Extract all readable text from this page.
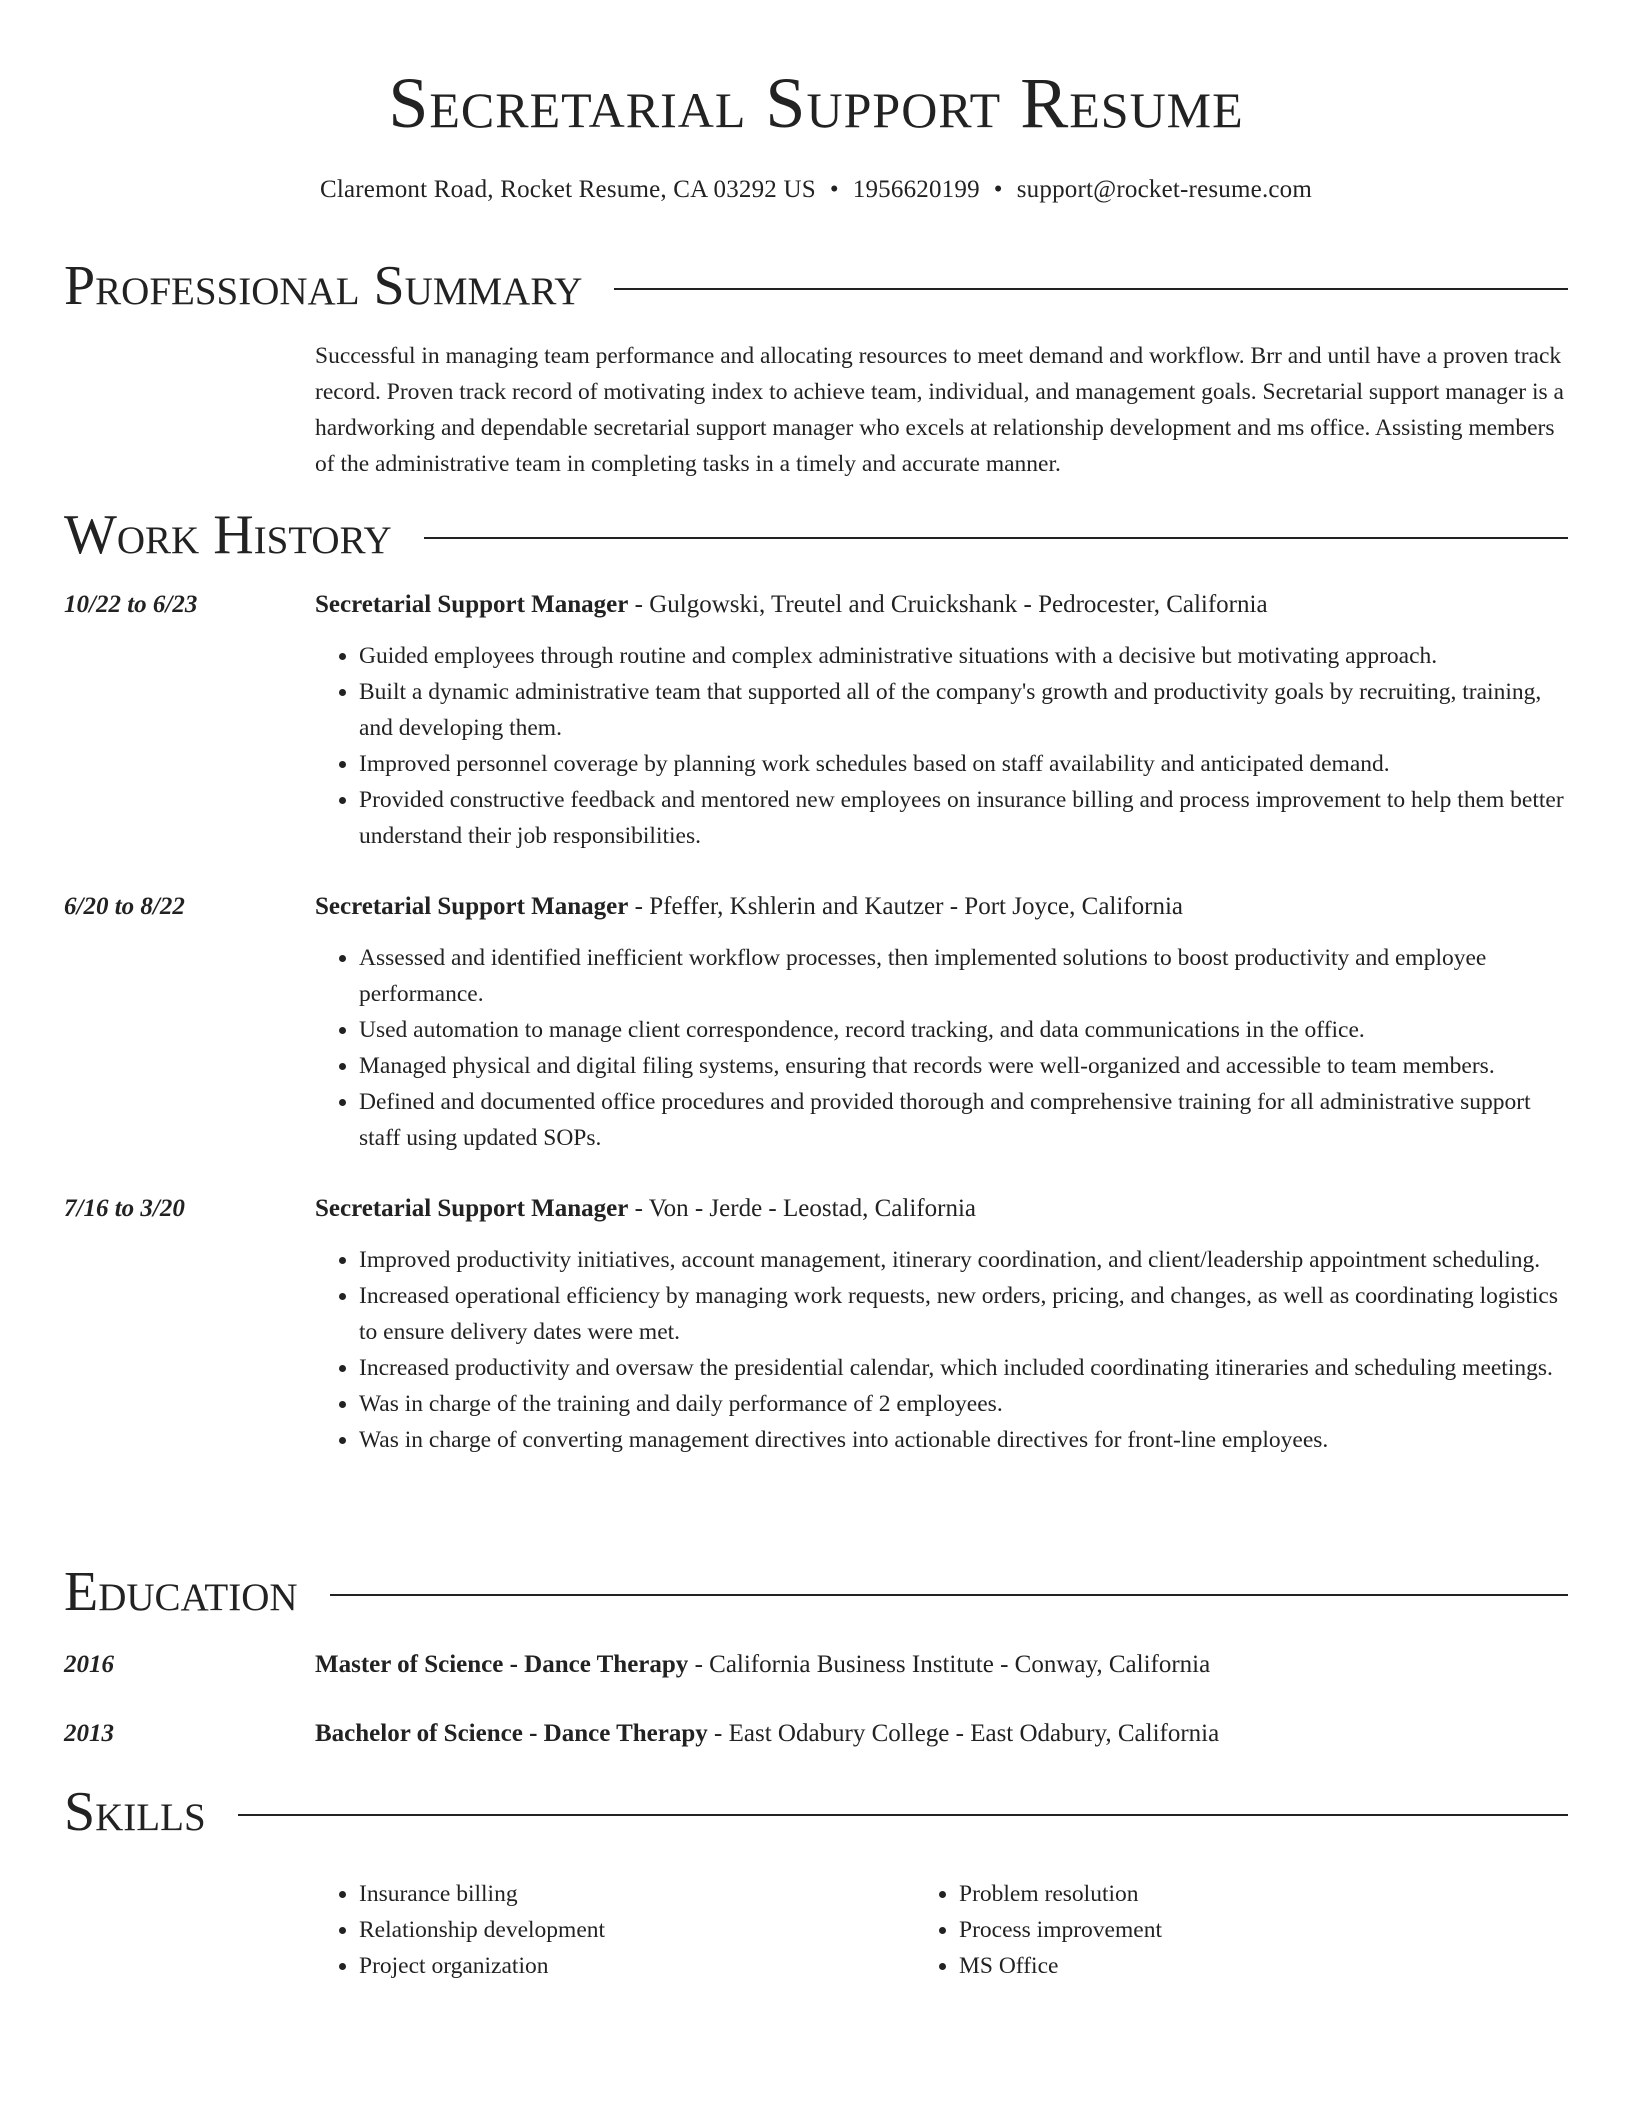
Secretarial Support Resume
Claremont Road, Rocket Resume, CA 03292 US • 1956620199 • support@rocket-resume.com
Professional Summary
Successful in managing team performance and allocating resources to meet demand and workflow. Brr and until have a proven track record. Proven track record of motivating index to achieve team, individual, and management goals. Secretarial support manager is a hardworking and dependable secretarial support manager who excels at relationship development and ms office. Assisting members of the administrative team in completing tasks in a timely and accurate manner.
Work History
10/22 to 6/23	Secretarial Support Manager - Gulgowski, Treutel and Cruickshank - Pedrocester, California
• Guided employees through routine and complex administrative situations with a decisive but motivating approach.
• Built a dynamic administrative team that supported all of the company's growth and productivity goals by recruiting, training, and developing them.
• Improved personnel coverage by planning work schedules based on staff availability and anticipated demand.
• Provided constructive feedback and mentored new employees on insurance billing and process improvement to help them better understand their job responsibilities.
6/20 to 8/22	Secretarial Support Manager - Pfeffer, Kshlerin and Kautzer - Port Joyce, California
• Assessed and identified inefficient workflow processes, then implemented solutions to boost productivity and employee performance.
• Used automation to manage client correspondence, record tracking, and data communications in the office.
• Managed physical and digital filing systems, ensuring that records were well-organized and accessible to team members.
• Defined and documented office procedures and provided thorough and comprehensive training for all administrative support staff using updated SOPs.
7/16 to 3/20	Secretarial Support Manager - Von - Jerde - Leostad, California
• Improved productivity initiatives, account management, itinerary coordination, and client/leadership appointment scheduling.
• Increased operational efficiency by managing work requests, new orders, pricing, and changes, as well as coordinating logistics to ensure delivery dates were met.
• Increased productivity and oversaw the presidential calendar, which included coordinating itineraries and scheduling meetings.
• Was in charge of the training and daily performance of 2 employees.
• Was in charge of converting management directives into actionable directives for front-line employees.
Education
2016	Master of Science - Dance Therapy - California Business Institute - Conway, California
2013	Bachelor of Science - Dance Therapy - East Odabury College - East Odabury, California
Skills
• Insurance billing
• Relationship development
• Project organization
• Problem resolution
• Process improvement
• MS Office
